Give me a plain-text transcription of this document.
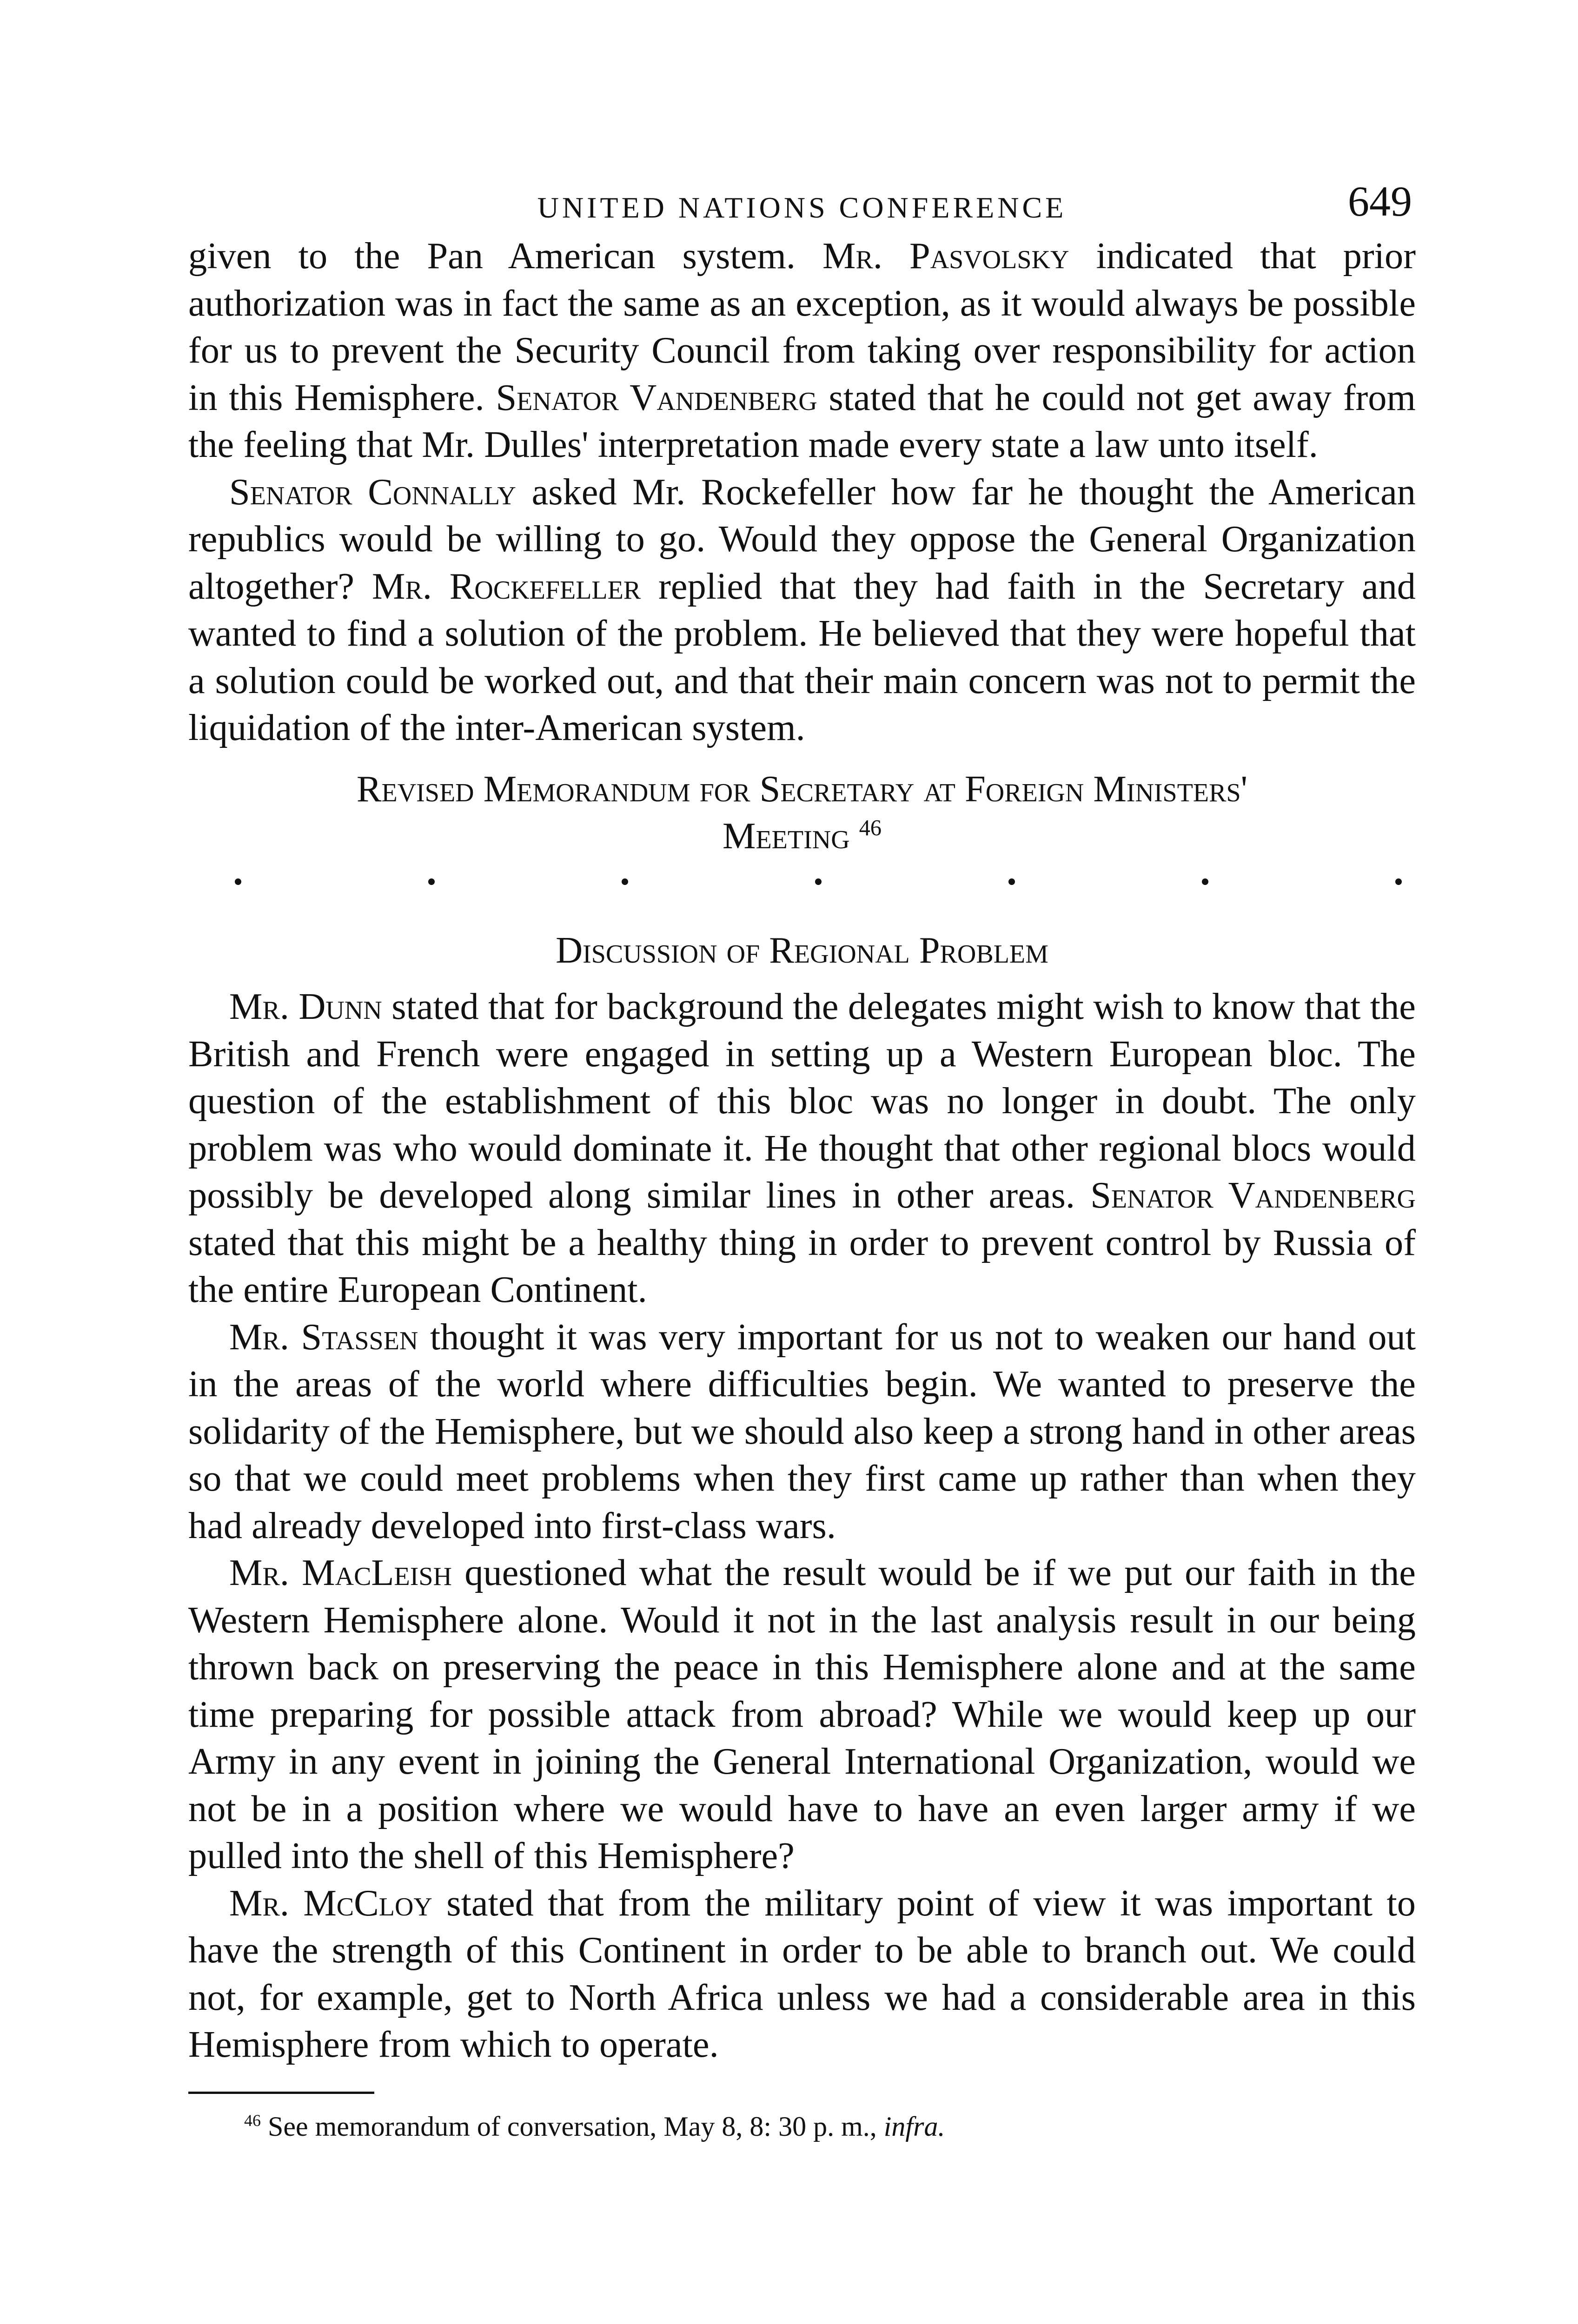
UNITED NATIONS CONFERENCE	649

given to the Pan American system. Mr. Pasvolsky indicated that prior authorization was in fact the same as an exception, as it would always be possible for us to prevent the Security Council from taking over responsibility for action in this Hemisphere. Senator Vandenberg stated that he could not get away from the feeling that Mr. Dulles' interpretation made every state a law unto itself.

Senator Connally asked Mr. Rockefeller how far he thought the American republics would be willing to go. Would they oppose the General Organization altogether? Mr. Rockefeller replied that they had faith in the Secretary and wanted to find a solution of the problem. He believed that they were hopeful that a solution could be worked out, and that their main concern was not to permit the liquidation of the inter-American system.

Revised Memorandum for Secretary at Foreign Ministers'
Meeting $^{46}$

Discussion of Regional Problem

Mr. Dunn stated that for background the delegates might wish to know that the British and French were engaged in setting up a Western European bloc. The question of the establishment of this bloc was no longer in doubt. The only problem was who would dominate it. He thought that other regional blocs would possibly be developed along similar lines in other areas. Senator Vandenberg stated that this might be a healthy thing in order to prevent control by Russia of the entire European Continent.

Mr. Stassen thought it was very important for us not to weaken our hand out in the areas of the world where difficulties begin. We wanted to preserve the solidarity of the Hemisphere, but we should also keep a strong hand in other areas so that we could meet problems when they first came up rather than when they had already developed into first-class wars.

Mr. MacLeish questioned what the result would be if we put our faith in the Western Hemisphere alone. Would it not in the last analysis result in our being thrown back on preserving the peace in this Hemisphere alone and at the same time preparing for possible attack from abroad? While we would keep up our Army in any event in joining the General International Organization, would we not be in a position where we would have to have an even larger army if we pulled into the shell of this Hemisphere?

Mr. McCloy stated that from the military point of view it was important to have the strength of this Continent in order to be able to branch out. We could not, for example, get to North Africa unless we had a considerable area in this Hemisphere from which to operate.

$^{46}$ See memorandum of conversation, May 8, 8: 30 p. m., infra.
